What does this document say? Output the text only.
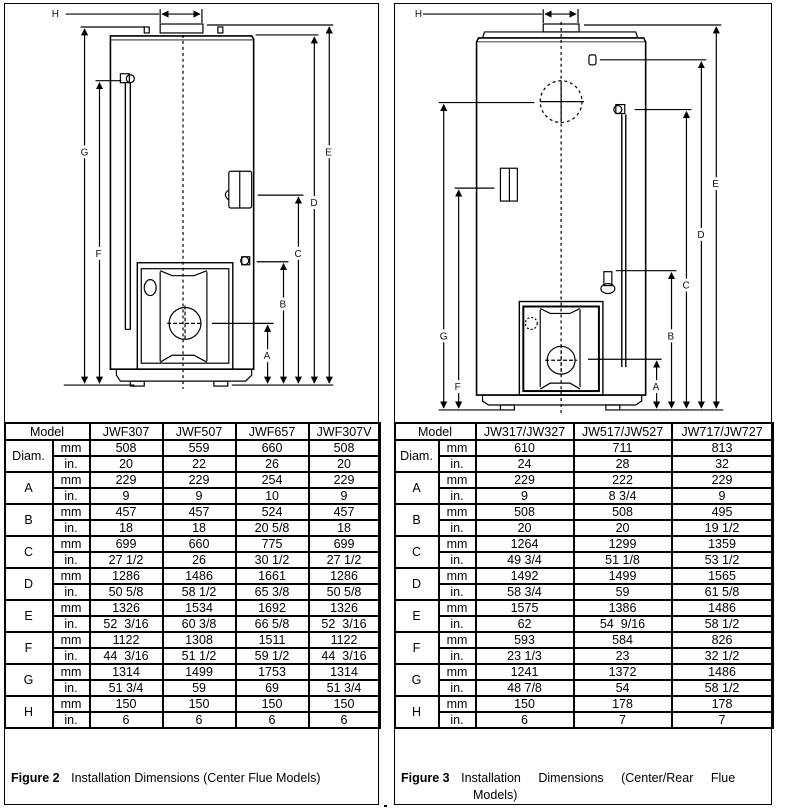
H
G
F
E
D
C
B
A
Model		JWF307	JWF507	JWF657	JWF307V
Diam.	mm	508	559	660	508
	in.	20	22	26	20
A	mm	229	229	254	229
	in.	9	9	10	9
B	mm	457	457	524	457
	in.	18	18	20 5/8	18
C	mm	699	660	775	699
	in.	27 1/2	26	30 1/2	27 1/2
D	mm	1286	1486	1661	1286
	in.	50 5/8	58 1/2	65 3/8	50 5/8
E	mm	1326	1534	1692	1326
	in.	52  3/16	60 3/8	66 5/8	52  3/16
F	mm	1122	1308	1511	1122
	in.	44  3/16	51 1/2	59 1/2	44  3/16
G	mm	1314	1499	1753	1314
	in.	51 3/4	59	69	51 3/4
H	mm	150	150	150	150
	in.	6	6	6	6
Figure 2 Installation Dimensions (Center Flue Models)
H
G
F
E
D
C
B
A
Model		JW317/JW327	JW517/JW527	JW717/JW727
Diam.	mm	610	711	813
	in.	24	28	32
A	mm	229	222	229
	in.	9	8 3/4	9
B	mm	508	508	495
	in.	20	20	19 1/2
C	mm	1264	1299	1359
	in.	49 3/4	51 1/8	53 1/2
D	mm	1492	1499	1565
	in.	58 3/4	59	61 5/8
E	mm	1575	1386	1486
	in.	62	54  9/16	58 1/2
F	mm	593	584	826
	in.	23 1/3	23	32 1/2
G	mm	1241	1372	1486
	in.	48 7/8	54	58 1/2
H	mm	150	178	178
	in.	6	7	7
Figure 3 Installation Dimensions (Center/Rear Flue
Models)
